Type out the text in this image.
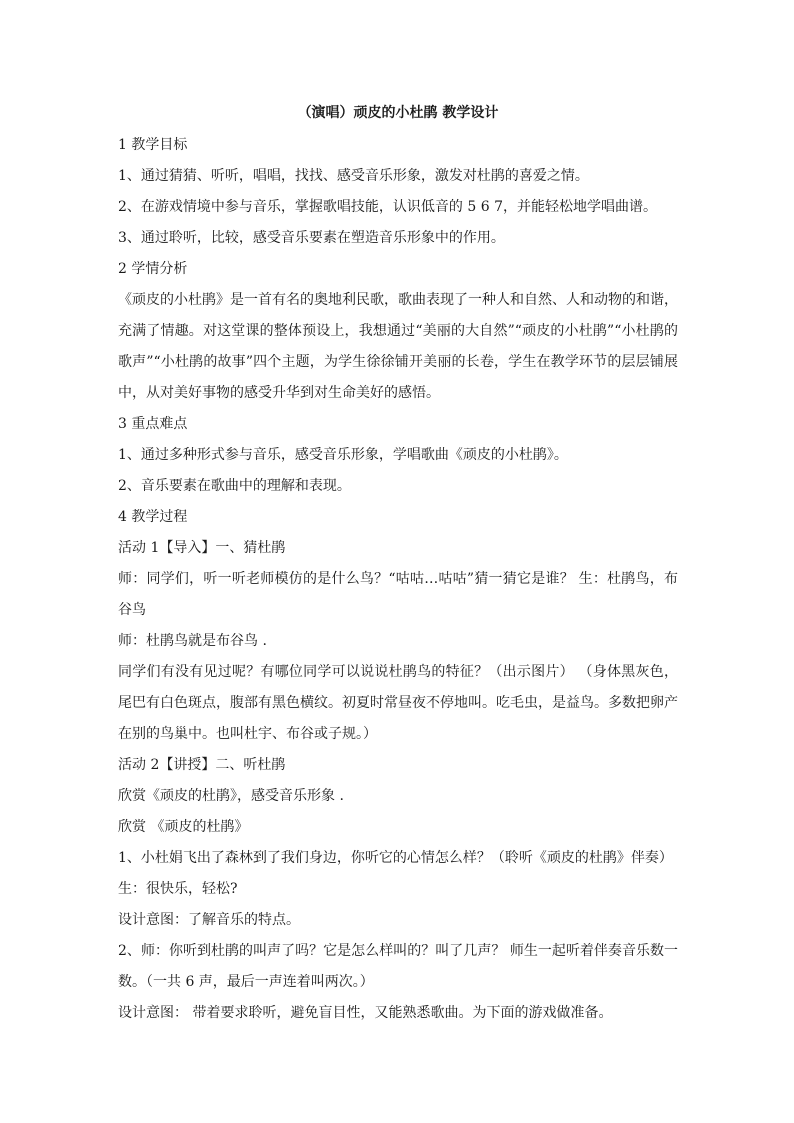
（演唱）顽皮的小杜鹃 教学设计

1 教学目标

1、通过猜猜、听听，唱唱，找找、感受音乐形象，激发对杜鹃的喜爱之情。

2、在游戏情境中参与音乐，掌握歌唱技能，认识低音的 5 6 7，并能轻松地学唱曲谱。

3、通过聆听，比较，感受音乐要素在塑造音乐形象中的作用。

2 学情分析

《顽皮的小杜鹃》是一首有名的奥地利民歌，歌曲表现了一种人和自然、人和动物的和谐，充满了情趣。对这堂课的整体预设上，我想通过“美丽的大自然”“顽皮的小杜鹃”“小杜鹃的歌声”“小杜鹃的故事”四个主题，为学生徐徐铺开美丽的长卷，学生在教学环节的层层铺展中，从对美好事物的感受升华到对生命美好的感悟。

3 重点难点

1、通过多种形式参与音乐，感受音乐形象，学唱歌曲《顽皮的小杜鹃》。

2、音乐要素在歌曲中的理解和表现。

4 教学过程

活动 1【导入】一、猜杜鹃

师：同学们，听一听老师模仿的是什么鸟？“咕咕…咕咕”猜一猜它是谁？ 生：杜鹃鸟，布谷鸟

师：杜鹃鸟就是布谷鸟 .

同学们有没有见过呢？有哪位同学可以说说杜鹃鸟的特征？（出示图片） （身体黑灰色，尾巴有白色斑点，腹部有黑色横纹。初夏时常昼夜不停地叫。吃毛虫，是益鸟。多数把卵产在别的鸟巢中。也叫杜宇、布谷或子规。）

活动 2【讲授】二、听杜鹃

欣赏《顽皮的杜鹃》，感受音乐形象 .

欣赏 《顽皮的杜鹃》

1、小杜娟飞出了森林到了我们身边，你听它的心情怎么样？（聆听《顽皮的杜鹃》伴奏）

生：很快乐，轻松?

设计意图：了解音乐的特点。

2、师：你听到杜鹃的叫声了吗？它是怎么样叫的？叫了几声？ 师生一起听着伴奏音乐数一数。（一共 6 声，最后一声连着叫两次。）

设计意图： 带着要求聆听，避免盲目性，又能熟悉歌曲。为下面的游戏做准备。
